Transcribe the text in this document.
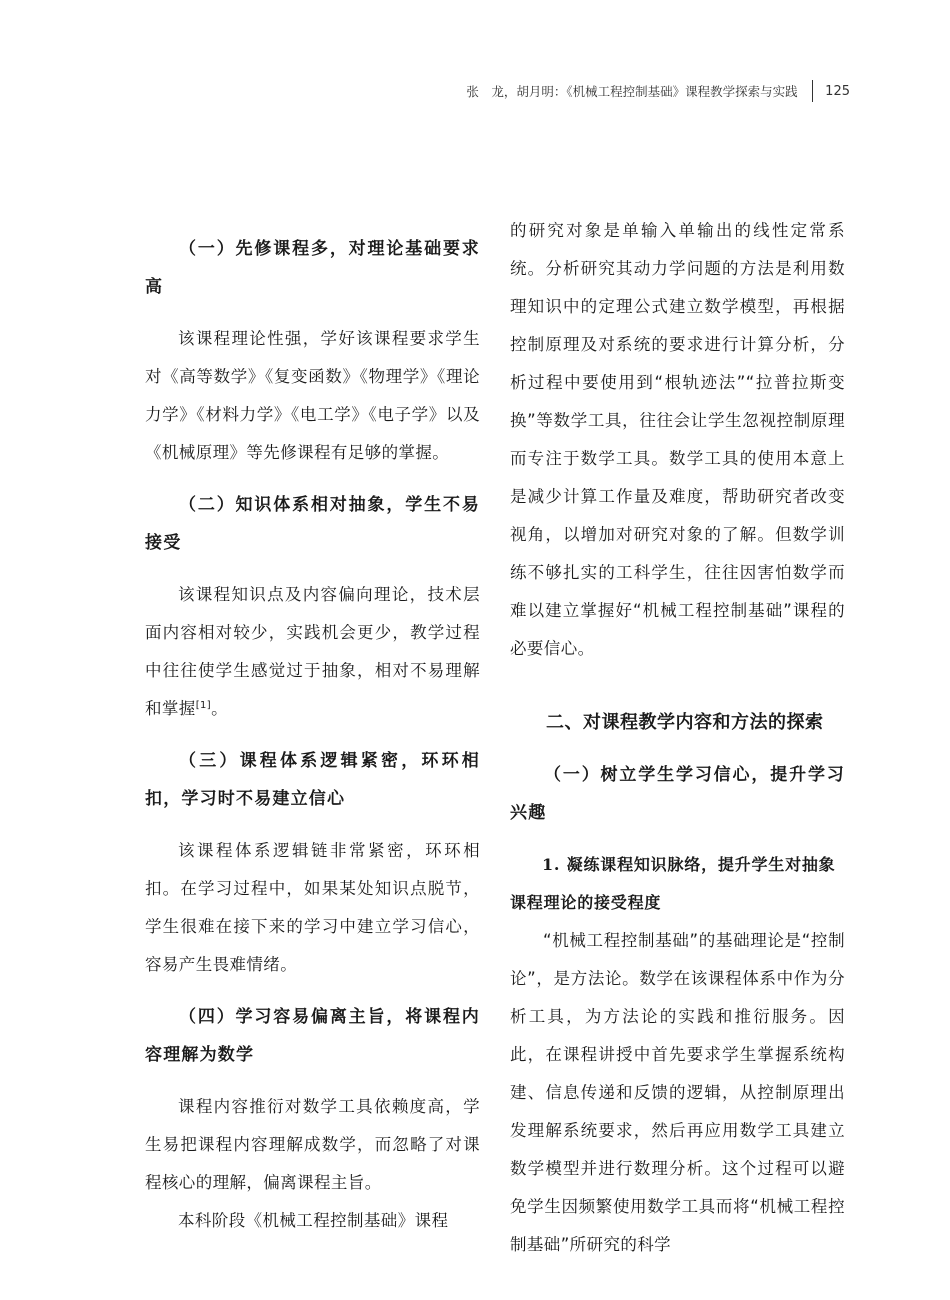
张　龙，胡月明：《机械工程控制基础》课程教学探索与实践 125
（一）先修课程多，对理论基础要求高

该课程理论性强，学好该课程要求学生对《高等数学》《复变函数》《物理学》《理论力学》《材料力学》《电工学》《电子学》以及《机械原理》等先修课程有足够的掌握。

（二）知识体系相对抽象，学生不易接受

该课程知识点及内容偏向理论，技术层面内容相对较少，实践机会更少，教学过程中往往使学生感觉过于抽象，相对不易理解和掌握[1]。

（三）课程体系逻辑紧密，环环相扣，学习时不易建立信心

该课程体系逻辑链非常紧密，环环相扣。在学习过程中，如果某处知识点脱节，学生很难在接下来的学习中建立学习信心，容易产生畏难情绪。

（四）学习容易偏离主旨，将课程内容理解为数学

课程内容推衍对数学工具依赖度高，学生易把课程内容理解成数学，而忽略了对课程核心的理解，偏离课程主旨。

本科阶段《机械工程控制基础》课程

的研究对象是单输入单输出的线性定常系统。分析研究其动力学问题的方法是利用数理知识中的定理公式建立数学模型，再根据控制原理及对系统的要求进行计算分析，分析过程中要使用到“根轨迹法”“拉普拉斯变换”等数学工具，往往会让学生忽视控制原理而专注于数学工具。数学工具的使用本意上是减少计算工作量及难度，帮助研究者改变视角，以增加对研究对象的了解。但数学训练不够扎实的工科学生，往往因害怕数学而难以建立掌握好“机械工程控制基础”课程的必要信心。

二、对课程教学内容和方法的探索
（一）树立学生学习信心，提升学习兴趣
1. 凝练课程知识脉络，提升学生对抽象课程理论的接受程度

“机械工程控制基础”的基础理论是“控制论”，是方法论。数学在该课程体系中作为分析工具，为方法论的实践和推衍服务。因此，在课程讲授中首先要求学生掌握系统构建、信息传递和反馈的逻辑，从控制原理出发理解系统要求，然后再应用数学工具建立数学模型并进行数理分析。这个过程可以避免学生因频繁使用数学工具而将“机械工程控制基础”所研究的科学
